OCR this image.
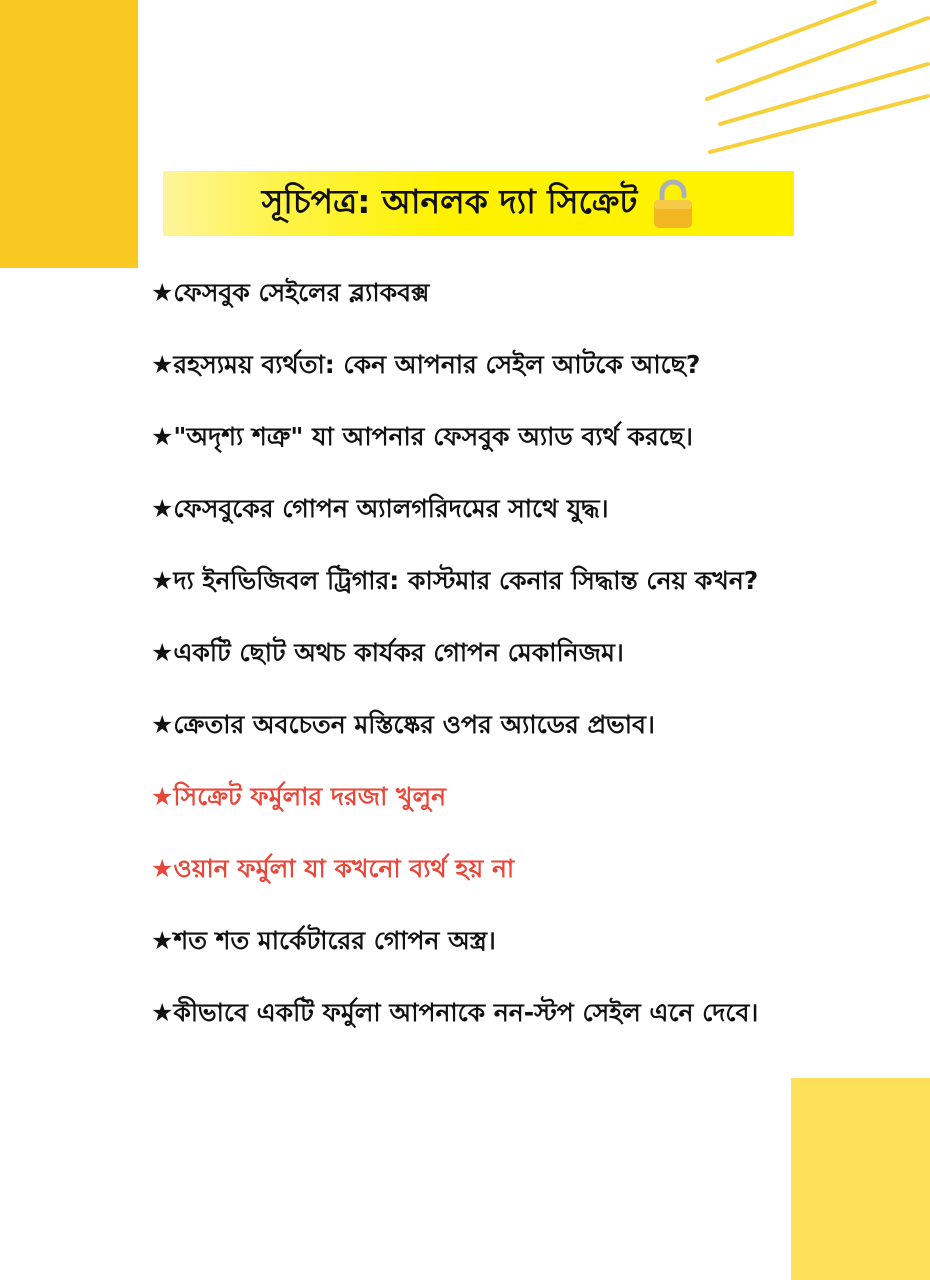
সূচিপত্র: আনলক দ্যা সিক্রেট
★ফেসবুক সেইলের ব্ল্যাকবক্স
★রহস্যময় ব্যর্থতা: কেন আপনার সেইল আটকে আছে?
★"অদৃশ্য শত্রু" যা আপনার ফেসবুক অ্যাড ব্যর্থ করছে।
★ফেসবুকের গোপন অ্যালগরিদমের সাথে যুদ্ধ।
★দ্য ইনভিজিবল ট্রিগার: কাস্টমার কেনার সিদ্ধান্ত নেয় কখন?
★একটি ছোট অথচ কার্যকর গোপন মেকানিজম।
★ক্রেতার অবচেতন মস্তিষ্কের ওপর অ্যাডের প্রভাব।
★সিক্রেট ফর্মুলার দরজা খুলুন
★ওয়ান ফর্মুলা যা কখনো ব্যর্থ হয় না
★শত শত মার্কেটারের গোপন অস্ত্র।
★কীভাবে একটি ফর্মুলা আপনাকে নন-স্টপ সেইল এনে দেবে।
